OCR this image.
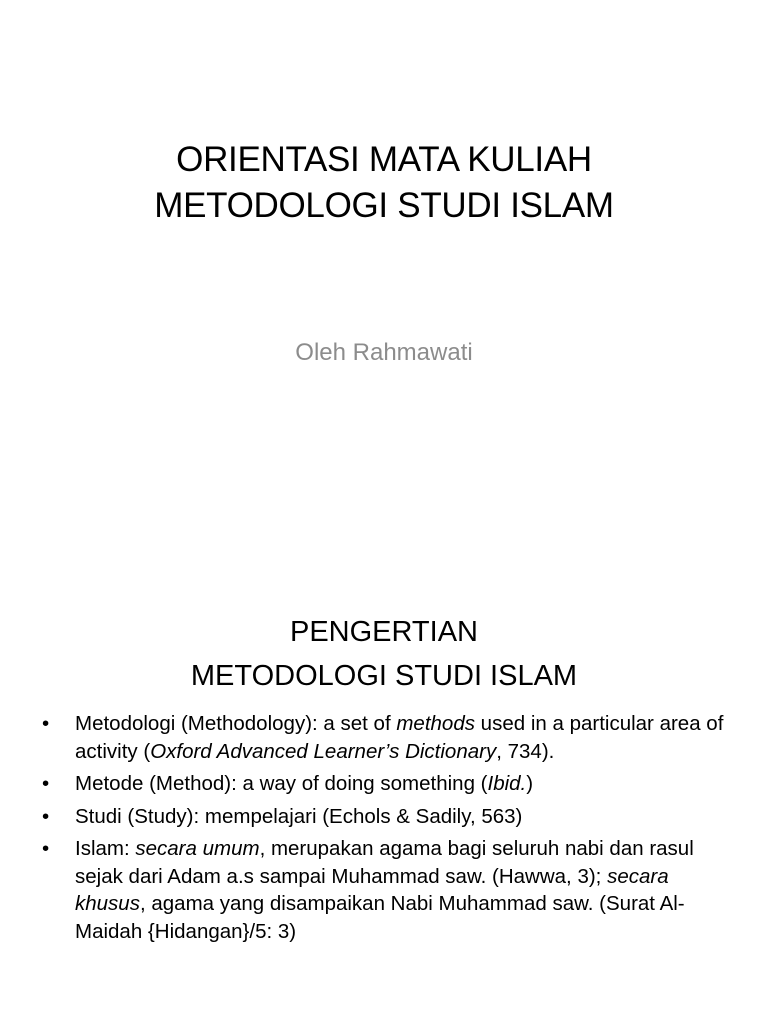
ORIENTASI MATA KULIAH
METODOLOGI STUDI ISLAM
Oleh Rahmawati
PENGERTIAN
METODOLOGI STUDI ISLAM
•	Metodologi (Methodology): a set of methods used in a particular area of activity (Oxford Advanced Learner’s Dictionary, 734).
•	Metode (Method): a way of doing something (Ibid.)
•	Studi (Study): mempelajari (Echols & Sadily, 563)
•	Islam: secara umum, merupakan agama bagi seluruh nabi dan rasul sejak dari Adam a.s sampai Muhammad saw. (Hawwa, 3); secara khusus, agama yang disampaikan Nabi Muhammad saw. (Surat Al-Maidah {Hidangan}/5: 3)
